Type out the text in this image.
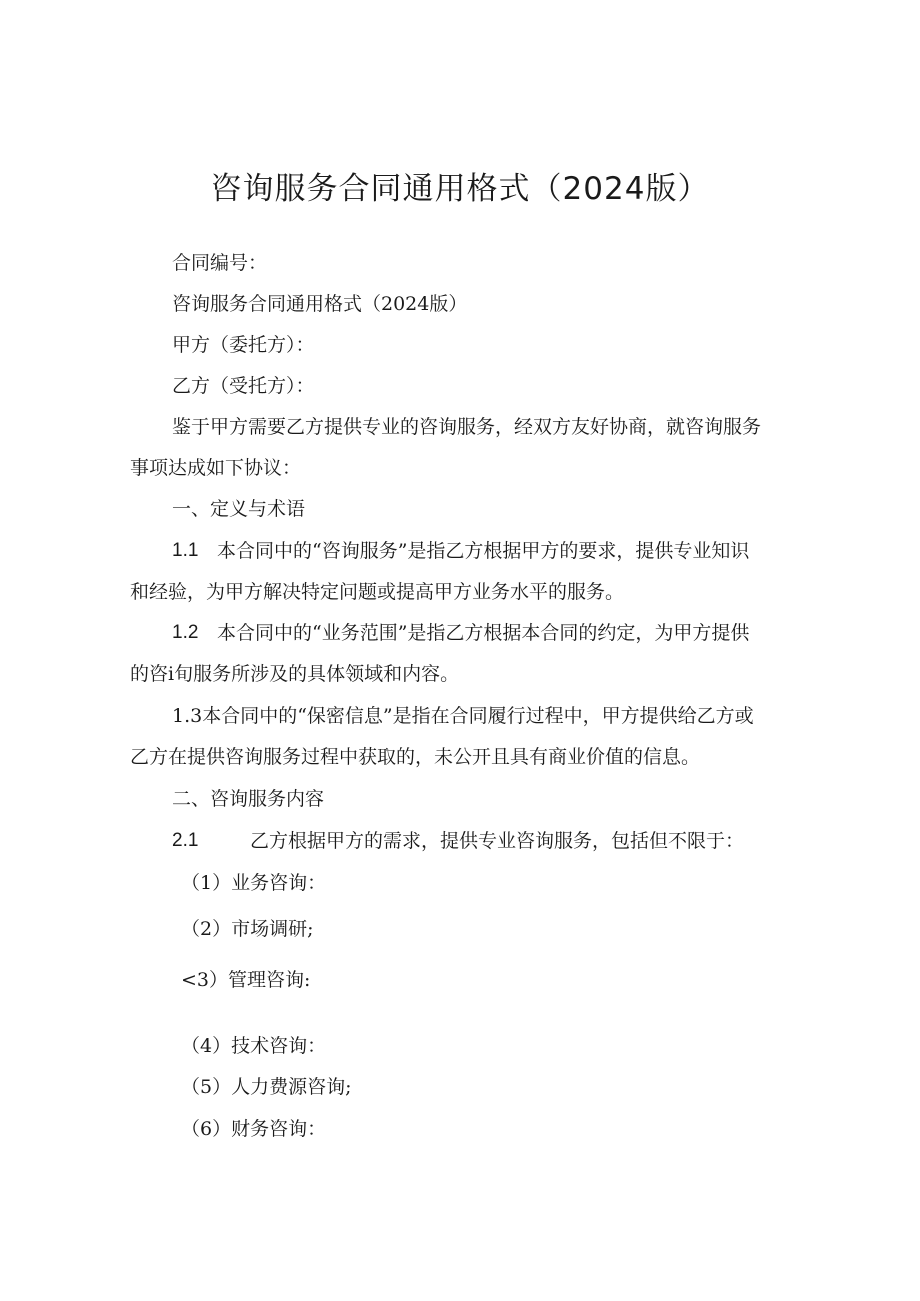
咨询服务合同通用格式（2024版）
合同编号：
咨询服务合同通用格式（2024版）
甲方（委托方）：
乙方（受托方）：
鉴于甲方需要乙方提供专业的咨询服务，经双方友好协商，就咨询服务
事项达成如下协议：
一、定义与术语
1.1 本合同中的“咨询服务”是指乙方根据甲方的要求，提供专业知识
和经验，为甲方解决特定问题或提高甲方业务水平的服务。
1.2 本合同中的“业务范围”是指乙方根据本合同的约定，为甲方提供
的咨i旬服务所涉及的具体领域和内容。
1.3本合同中的“保密信息”是指在合同履行过程中，甲方提供给乙方或
乙方在提供咨询服务过程中获取的，未公开且具有商业价值的信息。
二、咨询服务内容
2.1	乙方根据甲方的需求，提供专业咨询服务，包括但不限于：
（1）业务咨询：
（2）市场调研;
<3）管理咨询:
（4）技术咨询：
（5）人力费源咨询;
（6）财务咨询：
